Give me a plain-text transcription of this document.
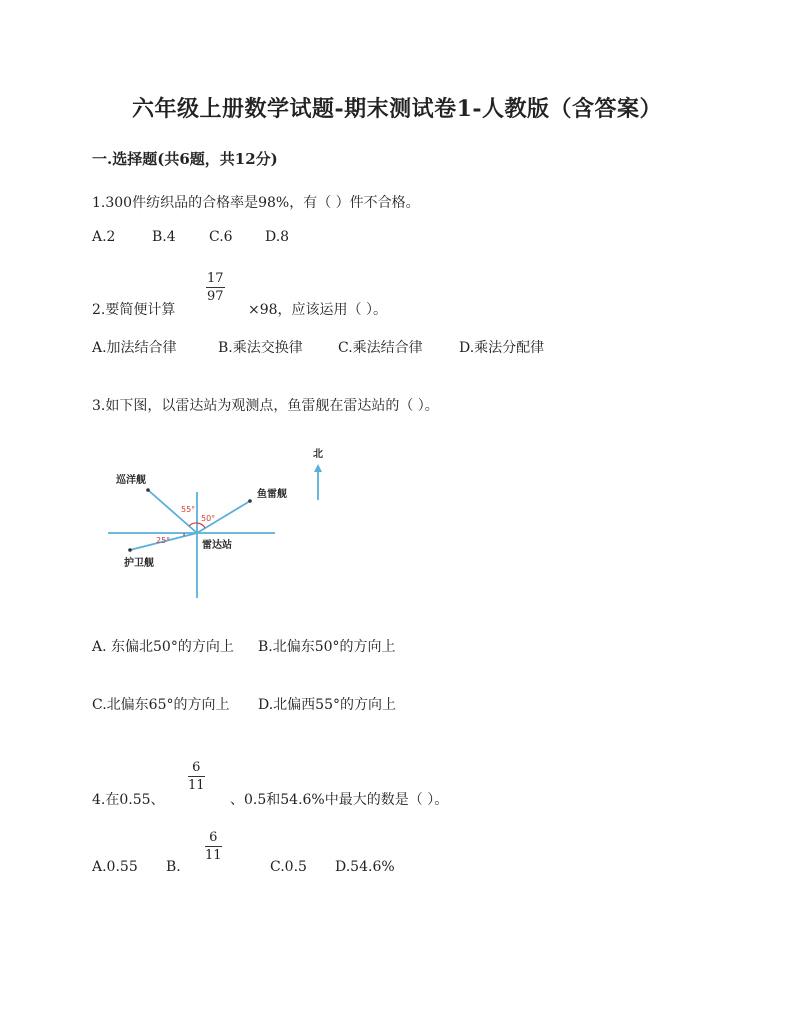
六年级上册数学试题-期末测试卷1-人教版（含答案）
一.选择题(共6题，共12分)
1.300件纺织品的合格率是98%，有（ ）件不合格。
A.2	B.4 C.6 D.8
2.要简便计算
17
97
×98，应该运用（ ）。
A.加法结合律	B.乘法交换律	C.乘法结合律	D.乘法分配律
3.如下图，以雷达站为观测点，鱼雷舰在雷达站的（ ）。
北
巡洋舰
鱼雷舰
护卫舰
雷达站
55°
50°
25°
A. 东偏北50°的方向上 B.北偏东50°的方向上
C.北偏东65°的方向上 D.北偏西55°的方向上
4.在0.55、
6
11
、0.5和54.6%中最大的数是（ ）。
A.0.55 B.
6
11
C.0.5 D.54.6%
